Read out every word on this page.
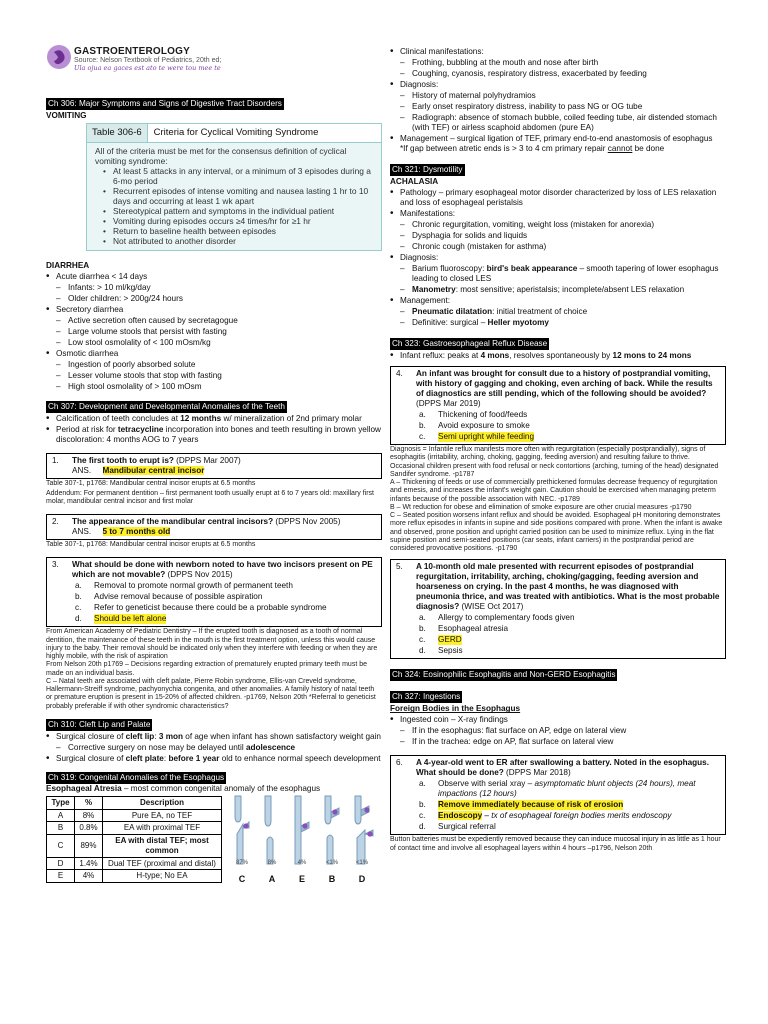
GASTROENTEROLOGY
Source: Nelson Textbook of Pediatrics, 20th ed;
Ula ojua ea gaces est ato te were tou mee te
Ch 306: Major Symptoms and Signs of Digestive Tract Disorders
VOMITING
Table 306-6	Criteria for Cyclical Vomiting Syndrome
All of the criteria must be met for the consensus definition of cyclical vomiting syndrome:
• At least 5 attacks in any interval, or a minimum of 3 episodes during a 6-mo period
• Recurrent episodes of intense vomiting and nausea lasting 1 hr to 10 days and occurring at least 1 wk apart
• Stereotypical pattern and symptoms in the individual patient
• Vomiting during episodes occurs ≥4 times/hr for ≥1 hr
• Return to baseline health between episodes
• Not attributed to another disorder
DIARRHEA
• Acute diarrhea < 14 days
– Infants: > 10 ml/kg/day
– Older children: > 200g/24 hours
• Secretory diarrhea
– Active secretion often caused by secretagogue
– Large volume stools that persist with fasting
– Low stool osmolality of < 100 mOsm/kg
• Osmotic diarrhea
– Ingestion of poorly absorbed solute
– Lesser volume stools that stop with fasting
– High stool osmolality of > 100 mOsm
Ch 307: Development and Developmental Anomalies of the Teeth
• Calcification of teeth concludes at 12 months w/ mineralization of 2nd primary molar
• Period at risk for tetracycline incorporation into bones and teeth resulting in brown yellow discoloration: 4 months AOG to 7 years
1.	The first tooth to erupt is? (DPPS Mar 2007)
ANS. Mandibular central incisor
Table 307-1, p1768: Mandibular central incisor erupts at 6.5 months
Addendum: For permanent dentition – first permanent tooth usually erupt at 6 to 7 years old: maxillary first molar, mandibular central incisor and first molar
2.	The appearance of the mandibular central incisors? (DPPS Nov 2005)
ANS. 5 to 7 months old
Table 307-1, p1768: Mandibular central incisor erupts at 6.5 months
3.	What should be done with newborn noted to have two incisors present on PE which are not movable? (DPPS Nov 2015)
a.	Removal to promote normal growth of permanent teeth
b.	Advise removal because of possible aspiration
c.	Refer to geneticist because there could be a probable syndrome
d.	Should be left alone
From American Academy of Pediatric Dentistry – If the erupted tooth is diagnosed as a tooth of normal dentition, the maintenance of these teeth in the mouth is the first treatment option, unless this would cause injury to the baby. Their removal should be indicated only when they interfere with feeding or when they are highly mobile, with the risk of aspiration
From Nelson 20th p1769 – Decisions regarding extraction of prematurely erupted primary teeth must be made on an individual basis.
C – Natal teeth are associated with cleft palate, Pierre Robin syndrome, Ellis-van Creveld syndrome, Hallermann-Streiff syndrome, pachyonychia congenita, and other anomalies. A family history of natal teeth or premature eruption is present in 15-20% of affected children. -p1769, Nelson 20th *Referral to geneticist probably preferable if with other syndromic characteristics?
Ch 310: Cleft Lip and Palate
• Surgical closure of cleft lip: 3 mon of age when infant has shown satisfactory weight gain
– Corrective surgery on nose may be delayed until adolescence
• Surgical closure of cleft plate: before 1 year old to enhance normal speech development
Ch 319: Congenital Anomalies of the Esophagus
Esophageal Atresia – most common congenital anomaly of the esophagus
Type	%	Description
A	8%	Pure EA, no TEF
B	0.8%	EA with proximal TEF
C	89%	EA with distal TEF; most common
D	1.4%	Dual TEF (proximal and distal)
E	4%	H-type; No EA
87%	8%	4%	<1%	<1%
C	A	E	B	D
• Clinical manifestations:
– Frothing, bubbling at the mouth and nose after birth
– Coughing, cyanosis, respiratory distress, exacerbated by feeding
• Diagnosis:
– History of maternal polyhydramios
– Early onset respiratory distress, inability to pass NG or OG tube
– Radiograph: absence of stomach bubble, coiled feeding tube, air distended stomach (with TEF) or airless scaphoid abdomen (pure EA)
• Management – surgical ligation of TEF, primary end-to-end anastomosis of esophagus
*If gap between atretic ends is > 3 to 4 cm primary repair cannot be done
Ch 321: Dysmotility
ACHALASIA
• Pathology – primary esophageal motor disorder characterized by loss of LES relaxation and loss of esophageal peristalsis
• Manifestations:
– Chronic regurgitation, vomiting, weight loss (mistaken for anorexia)
– Dysphagia for solids and liquids
– Chronic cough (mistaken for asthma)
• Diagnosis:
– Barium fluoroscopy: bird's beak appearance – smooth tapering of lower esophagus leading to closed LES
– Manometry: most sensitive; aperistalsis; incomplete/absent LES relaxation
• Management:
– Pneumatic dilatation: initial treatment of choice
– Definitive: surgical – Heller myotomy
Ch 323: Gastroesophageal Reflux Disease
• Infant reflux: peaks at 4 mons, resolves spontaneously by 12 mons to 24 mons
4.	An infant was brought for consult due to a history of postprandial vomiting, with history of gagging and choking, even arching of back. While the results of diagnostics are still pending, which of the following should be avoided? (DPPS Mar 2019)
a.	Thickening of food/feeds
b.	Avoid exposure to smoke
c.	Semi upright while feeding
Diagnosis = Infantile reflux manifests more often with regurgitation (especially postprandially), signs of esophagitis (irritability, arching, choking, gagging, feeding aversion) and resulting failure to thrive. Occasional children present with food refusal or neck contortions (arching, turning of the head) designated Sandifer syndrome. -p1787
A – Thickening of feeds or use of commercially prethickened formulas decrease frequency of regurgitation and emesis, and increases the infant's weight gain. Caution should be exercised when managing preterm infants because of the possible association with NEC. -p1789
B – Wt reduction for obese and elimination of smoke exposure are other crucial measures -p1790
C – Seated position worsens infant reflux and should be avoided. Esophageal pH monitoring demonstrates more reflux episodes in infants in supine and side positions compared with prone. When the infant is awake and observed, prone position and upright carried position can be used to minimize reflux. Lying in the flat supine position and semi-seated positions (car seats, infant carriers) in the postprandial period are considered provocative positions. -p1790
5.	A 10-month old male presented with recurrent episodes of postprandial regurgitation, irritability, arching, choking/gagging, feeding aversion and hoarseness on crying. In the past 4 months, he was diagnosed with pneumonia thrice, and was treated with antibiotics. What is the most probable diagnosis? (WISE Oct 2017)
a.	Allergy to complementary foods given
b.	Esophageal atresia
c.	GERD
d.	Sepsis
Ch 324: Eosinophilic Esophagitis and Non-GERD Esophagitis
Ch 327: Ingestions
Foreign Bodies in the Esophagus
• Ingested coin – X-ray findings
– If in the esophagus: flat surface on AP, edge on lateral view
– If in the trachea: edge on AP, flat surface on lateral view
6.	A 4-year-old went to ER after swallowing a battery. Noted in the esophagus. What should be done? (DPPS Mar 2018)
a.	Observe with serial xray – asymptomatic blunt objects (24 hours), meat impactions (12 hours)
b.	Remove immediately because of risk of erosion
c.	Endoscopy – tx of esophageal foreign bodies merits endoscopy
d.	Surgical referral
Button batteries must be expediently removed because they can induce mucosal injury in as little as 1 hour of contact time and involve all esophageal layers within 4 hours –p1796, Nelson 20th
